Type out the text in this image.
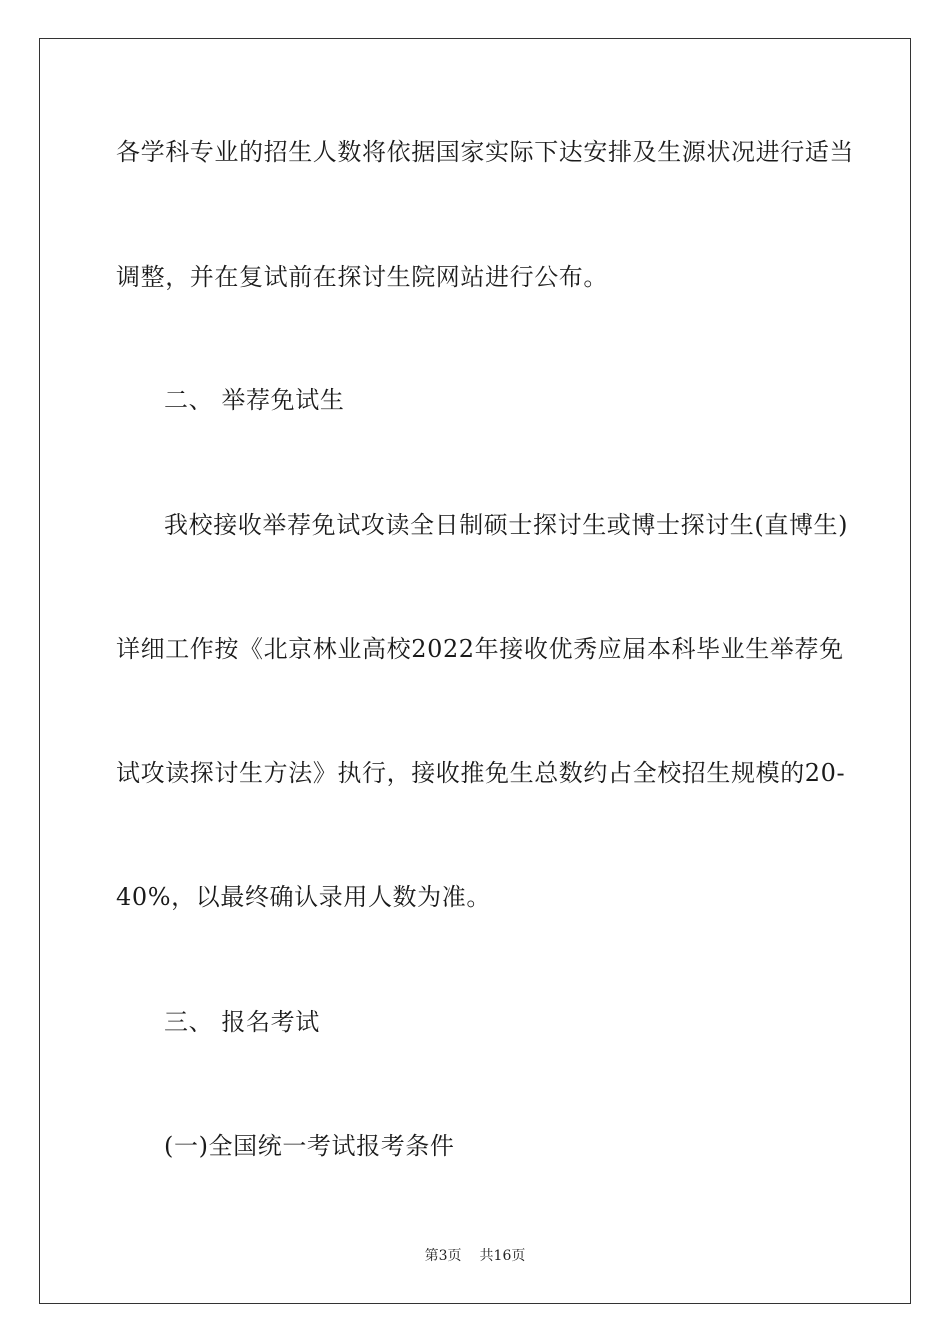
各学科专业的招生人数将依据国家实际下达安排及生源状况进行适当
调整，并在复试前在探讨生院网站进行公布。
二、 举荐免试生
我校接收举荐免试攻读全日制硕士探讨生或博士探讨生(直博生)
详细工作按《北京林业高校2022年接收优秀应届本科毕业生举荐免
试攻读探讨生方法》执行，接收推免生总数约占全校招生规模的20-
40%，以最终确认录用人数为准。
三、 报名考试
(一)全国统一考试报考条件
第3页 共16页
